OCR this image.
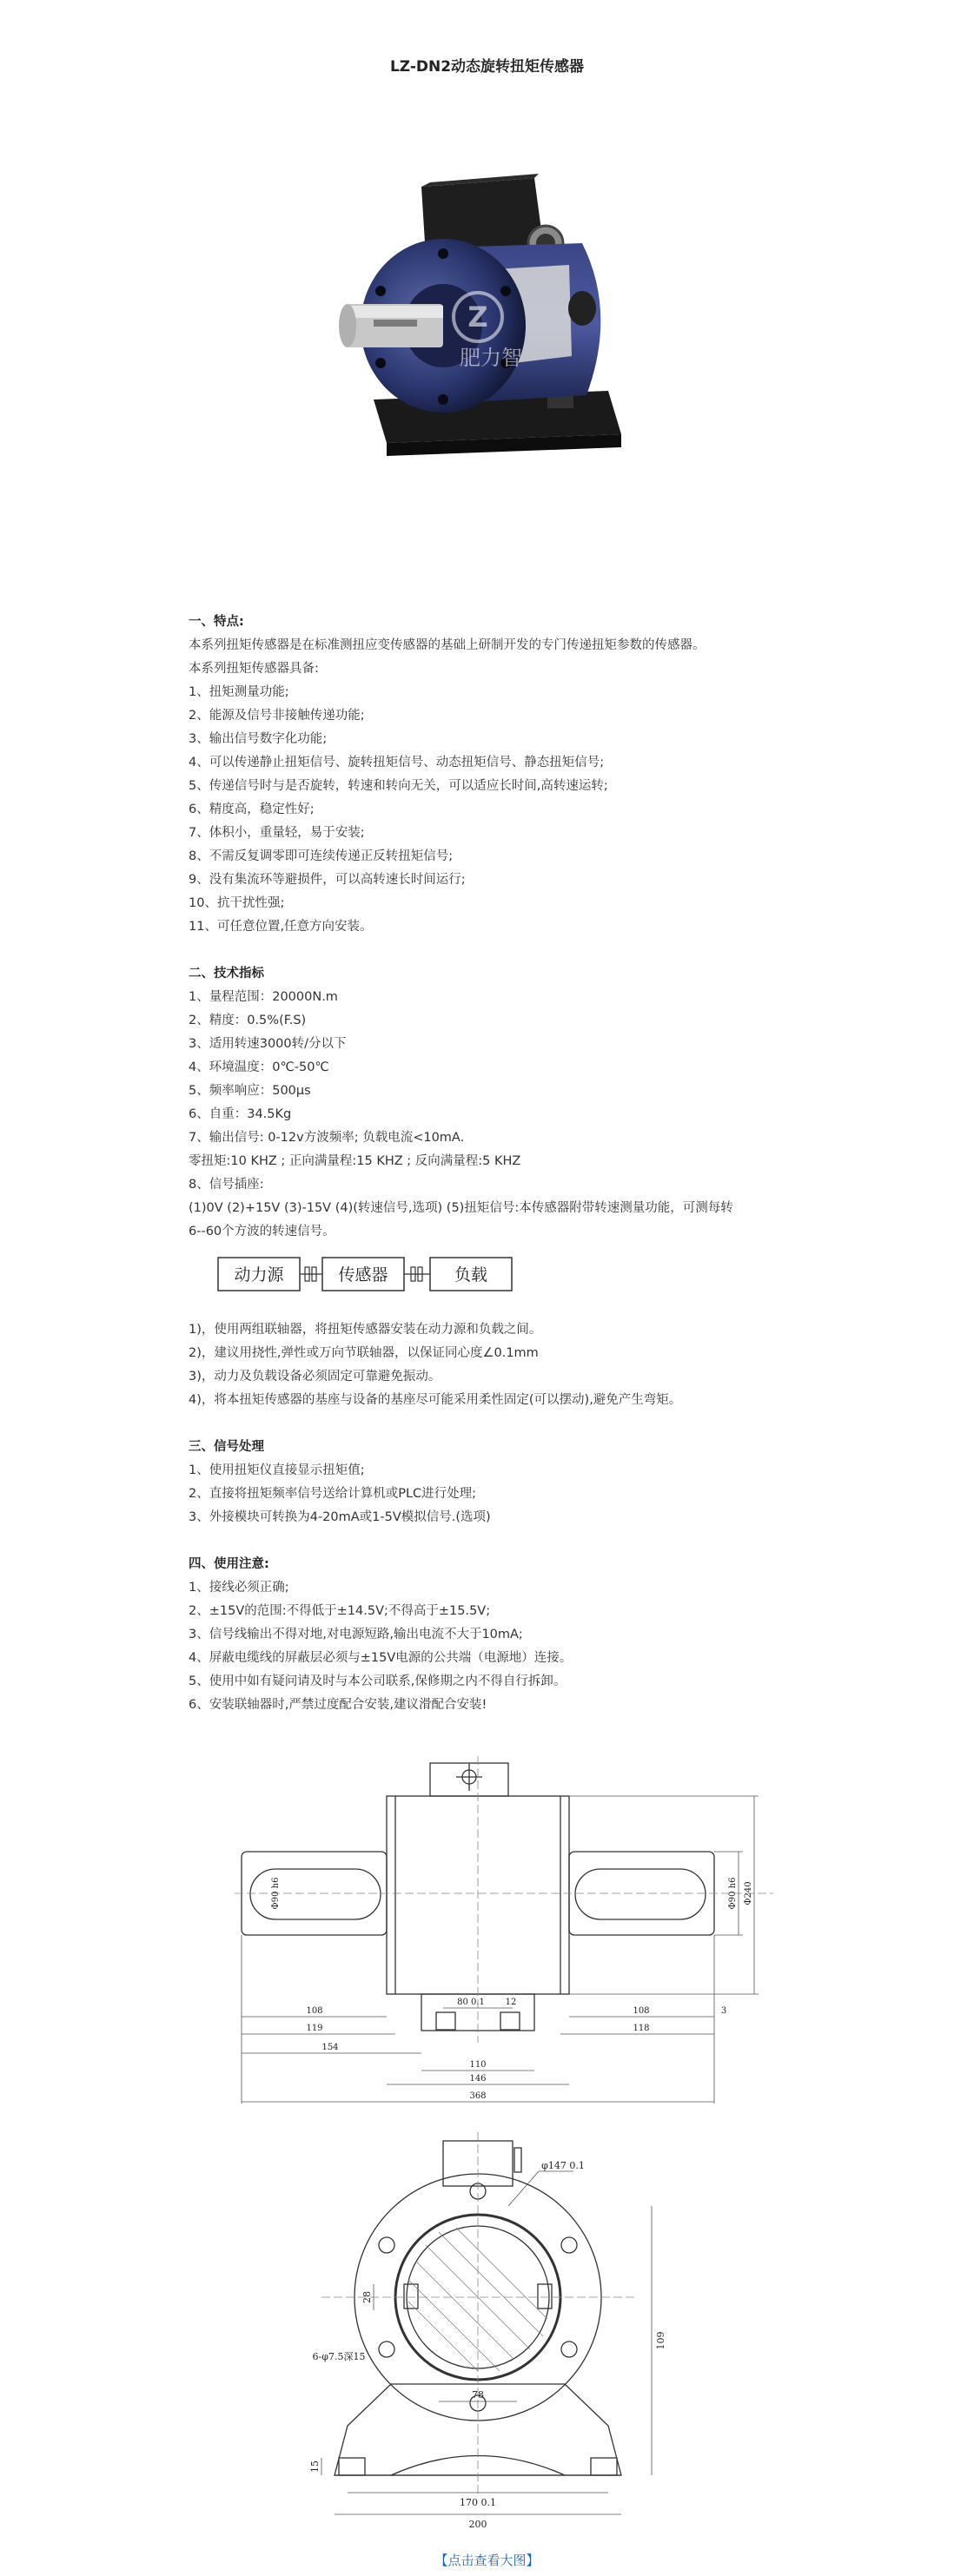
LZ-DN2动态旋转扭矩传感器
Z
肥力智

一、特点:

本系列扭矩传感器是在标准测扭应变传感器的基础上研制开发的专门传递扭矩参数的传感器。

本系列扭矩传感器具备:

1、扭矩测量功能;

2、能源及信号非接触传递功能;

3、输出信号数字化功能;

4、可以传递静止扭矩信号、旋转扭矩信号、动态扭矩信号、静态扭矩信号;

5、传递信号时与是否旋转，转速和转向无关，可以适应长时间,高转速运转;

6、精度高，稳定性好;

7、体积小，重量轻，易于安装;

8、不需反复调零即可连续传递正反转扭矩信号;

9、没有集流环等避损件，可以高转速长时间运行;

10、抗干扰性强;

11、可任意位置,任意方向安装。

二、技术指标

1、量程范围：20000N.m

2、精度：0.5%(F.S)

3、适用转速3000转/分以下

4、环境温度：0℃-50℃

5、频率响应：500μs

6、自重：34.5Kg

7、输出信号: 0-12v方波频率; 负载电流<10mA.

零扭矩:10 KHZ ; 正向满量程:15 KHZ ; 反向满量程:5 KHZ

8、信号插座:

(1)0V (2)+15V (3)-15V (4)(转速信号,选项) (5)扭矩信号:本传感器附带转速测量功能，可测每转

6--60个方波的转速信号。

动力源	传感器	负载

1)，使用两组联轴器，将扭矩传感器安装在动力源和负载之间。

2)，建议用挠性,弹性或万向节联轴器，以保证同心度∠0.1mm

3)，动力及负载设备必须固定可靠避免振动。

4)，将本扭矩传感器的基座与设备的基座尽可能采用柔性固定(可以摆动),避免产生弯矩。

三、信号处理

1、使用扭矩仪直接显示扭矩值;

2、直接将扭矩频率信号送给计算机或PLC进行处理;

3、外接模块可转换为4-20mA或1-5V模拟信号.(选项)

四、使用注意:

1、接线必须正确;

2、±15V的范围:不得低于±14.5V;不得高于±15.5V;

3、信号线输出不得对地,对电源短路,输出电流不大于10mA;

4、屏蔽电缆线的屏蔽层必须与±15V电源的公共端（电源地）连接。

5、使用中如有疑问请及时与本公司联系,保修期之内不得自行拆卸。

6、安装联轴器时,严禁过度配合安装,建议滑配合安装!

108
119
154
110
146
368
108
118
80 0.1 12
3
Φ90 h6	Φ90 h6 Φ240
φ147 0.1
28
6-φ7.5深15
78
109
15
170 0.1
200
【点击查看大图】
